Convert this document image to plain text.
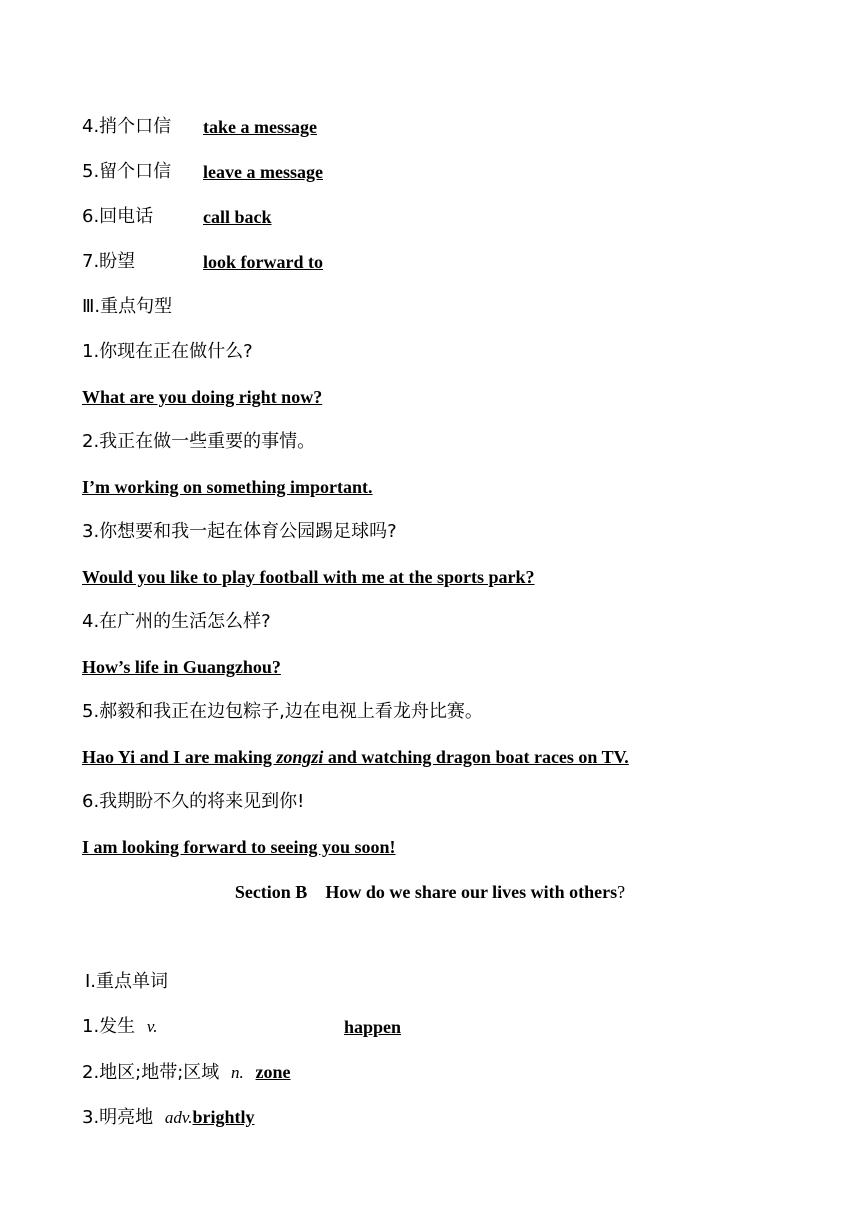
4.捎个口信 take a message
5.留个口信 leave a message
6.回电话	call back
7.盼望	look forward to
Ⅲ.重点句型
1.你现在正在做什么?
What are you doing right now?
2.我正在做一些重要的事情。
I’m working on something important.
3.你想要和我一起在体育公园踢足球吗?
Would you like to play football with me at the sports park?
4.在广州的生活怎么样?
How’s life in Guangzhou?
5.郝毅和我正在边包粽子,边在电视上看龙舟比赛。
Hao Yi and I are making zongzi and watching dragon boat races on TV.
6.我期盼不久的将来见到你!
I am looking forward to seeing you soon!
Section B How do we share our lives with others?
Ⅰ.重点单词
1.发生 v.	happen
2.地区;地带;区域 n. zone
3.明亮地 adv.brightly
